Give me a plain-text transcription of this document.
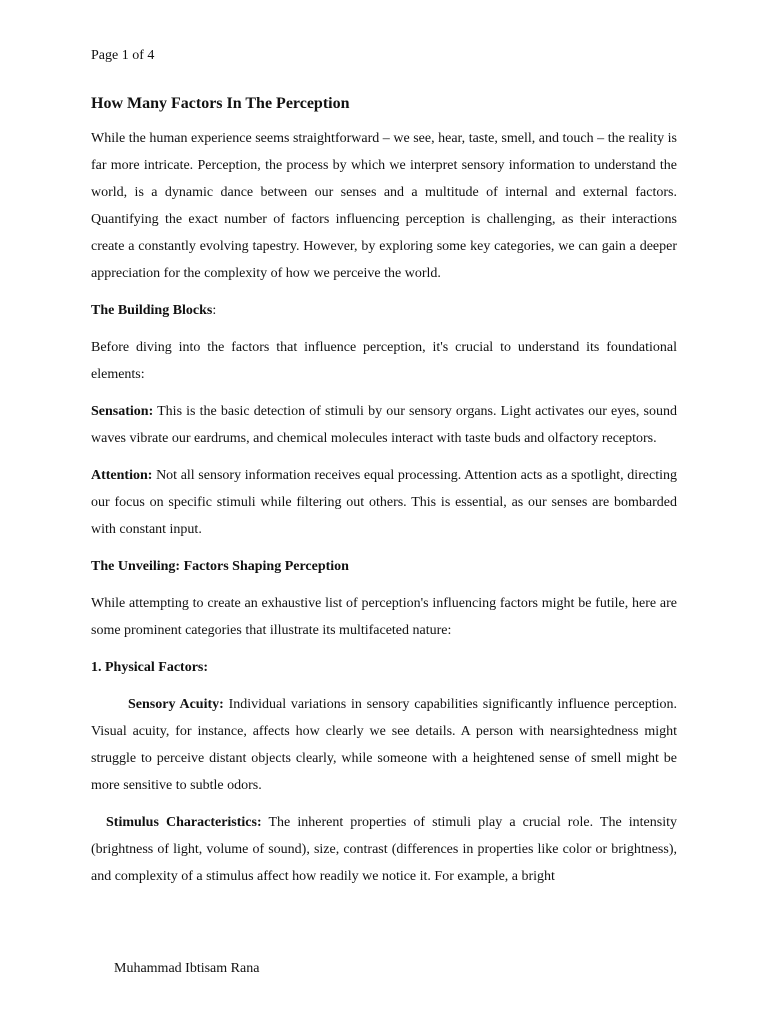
Page 1 of 4
How Many Factors In The Perception

While the human experience seems straightforward – we see, hear, taste, smell, and touch – the reality is far more intricate. Perception, the process by which we interpret sensory information to understand the world, is a dynamic dance between our senses and a multitude of internal and external factors. Quantifying the exact number of factors influencing perception is challenging, as their interactions create a constantly evolving tapestry. However, by exploring some key categories, we can gain a deeper appreciation for the complexity of how we perceive the world.

The Building Blocks:

Before diving into the factors that influence perception, it's crucial to understand its foundational elements:

Sensation: This is the basic detection of stimuli by our sensory organs. Light activates our eyes, sound waves vibrate our eardrums, and chemical molecules interact with taste buds and olfactory receptors.

Attention: Not all sensory information receives equal processing. Attention acts as a spotlight, directing our focus on specific stimuli while filtering out others. This is essential, as our senses are bombarded with constant input.

The Unveiling: Factors Shaping Perception

While attempting to create an exhaustive list of perception's influencing factors might be futile, here are some prominent categories that illustrate its multifaceted nature:

1. Physical Factors:

Sensory Acuity: Individual variations in sensory capabilities significantly influence perception. Visual acuity, for instance, affects how clearly we see details. A person with nearsightedness might struggle to perceive distant objects clearly, while someone with a heightened sense of smell might be more sensitive to subtle odors.

Stimulus Characteristics: The inherent properties of stimuli play a crucial role. The intensity (brightness of light, volume of sound), size, contrast (differences in properties like color or brightness), and complexity of a stimulus affect how readily we notice it. For example, a bright

Muhammad Ibtisam Rana
